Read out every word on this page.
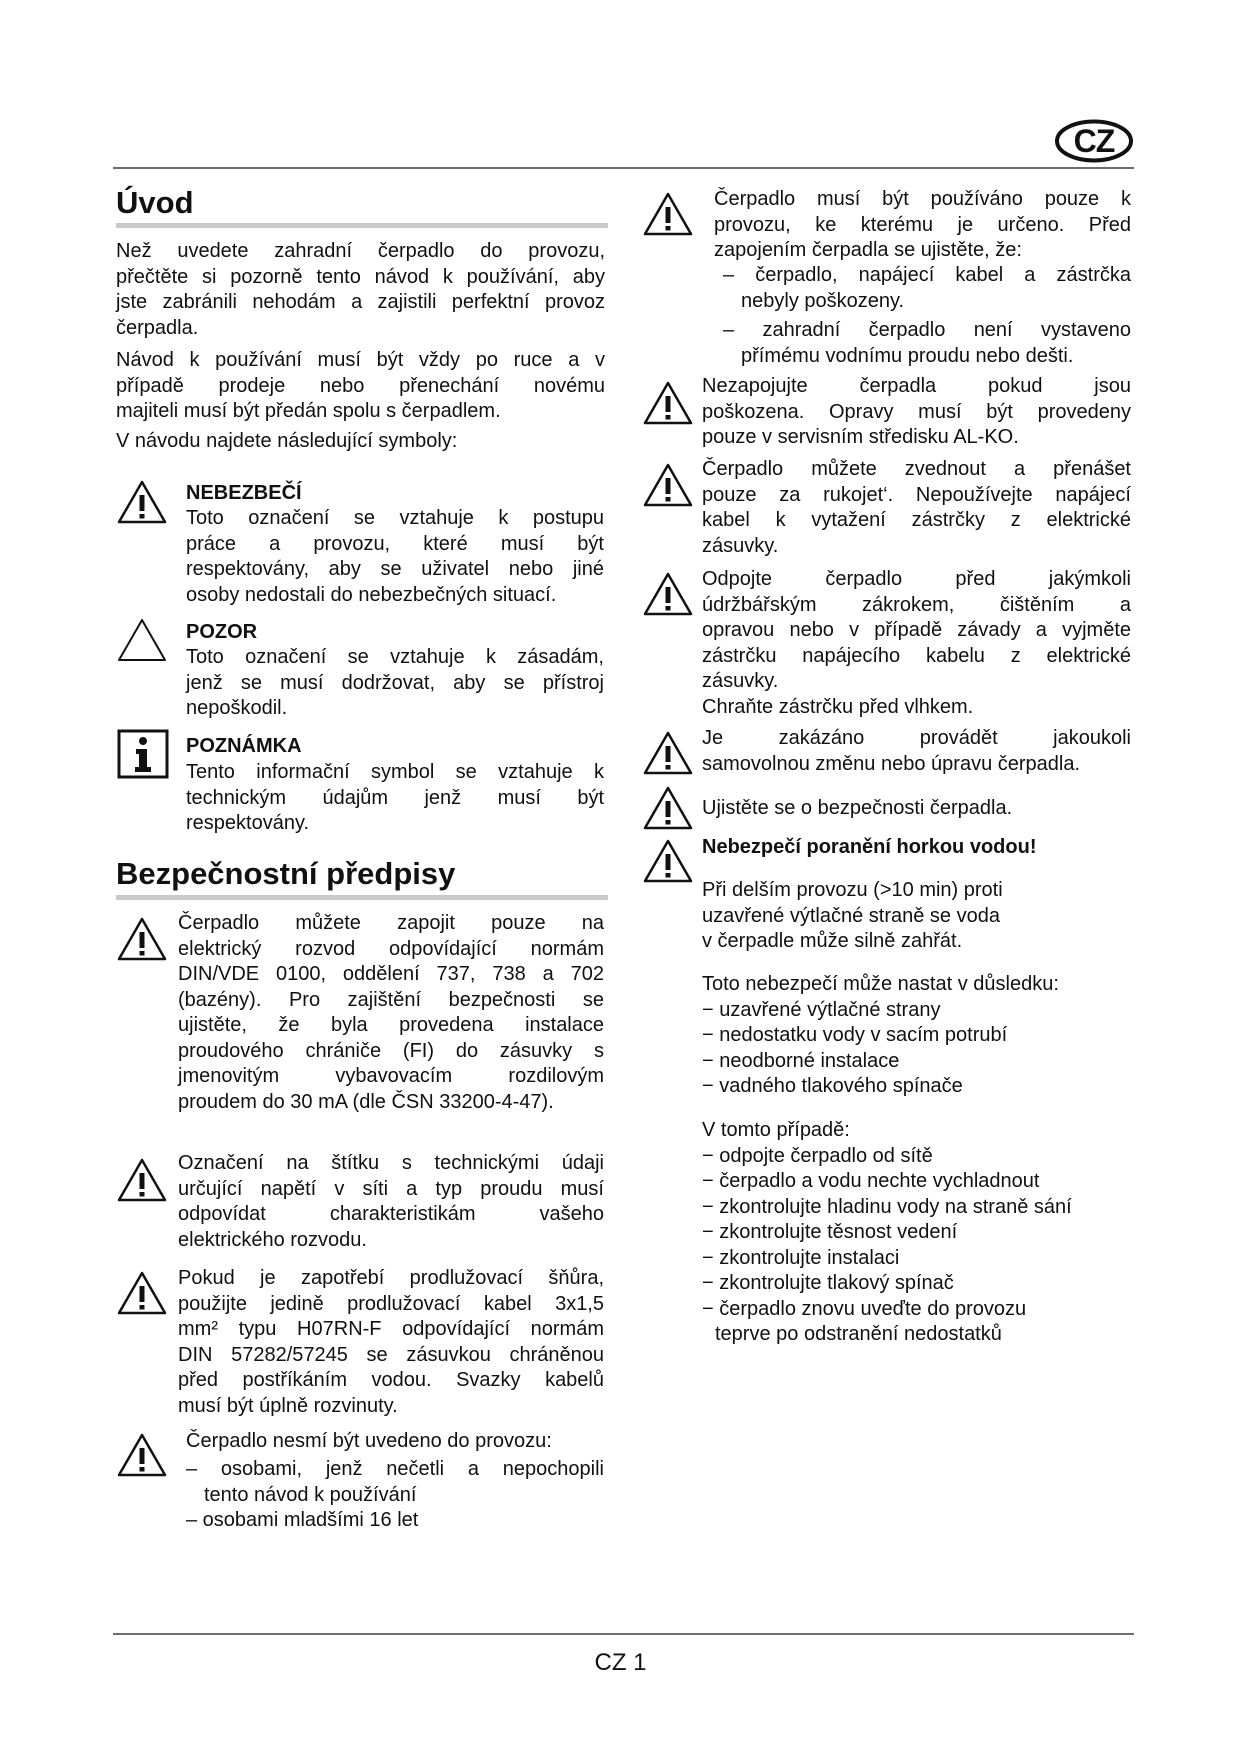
CZ
Úvod
Než uvedete zahradní čerpadlo do provozu,
přečtěte si pozorně tento návod k používání, aby
jste zabránili nehodám a zajistili perfektní provoz
čerpadla.
Návod k používání musí být vždy po ruce a v
případě prodeje nebo přenechání novému
majiteli musí být předán spolu s čerpadlem.
V návodu najdete následující symboly:
NEBEZBEČÍ
Toto označení se vztahuje k postupu
práce a provozu, které musí být
respektovány, aby se uživatel nebo jiné
osoby nedostali do nebezbečných situací.
POZOR
Toto označení se vztahuje k zásadám,
jenž se musí dodržovat, aby se přístroj
nepoškodil.
POZNÁMKA
Tento informační symbol se vztahuje k
technickým údajům jenž musí být
respektovány.
Bezpečnostní předpisy
Čerpadlo můžete zapojit pouze na
elektrický rozvod odpovídající normám
DIN/VDE 0100, oddělení 737, 738 a 702
(bazény). Pro zajištění bezpečnosti se
ujistěte, že byla provedena instalace
proudového chrániče (FI) do zásuvky s
jmenovitým vybavovacím rozdilovým
proudem do 30 mA (dle ČSN 33200-4-47).
Označení na štítku s technickými údaji
určující napětí v síti a typ proudu musí
odpovídat charakteristikám vašeho
elektrického rozvodu.
Pokud je zapotřebí prodlužovací šňůra,
použijte jedině prodlužovací kabel 3x1,5
mm² typu H07RN-F odpovídající normám
DIN 57282/57245 se zásuvkou chráněnou
před postříkáním vodou. Svazky kabelů
musí být úplně rozvinuty.
Čerpadlo nesmí být uvedeno do provozu:
– osobami, jenž nečetli a nepochopili
tento návod k používání
– osobami mladšími 16 let
Čerpadlo musí být používáno pouze k
provozu, ke kterému je určeno. Před
zapojením čerpadla se ujistěte, že:
– čerpadlo, napájecí kabel a zástrčka
nebyly poškozeny.
– zahradní čerpadlo není vystaveno
přímému vodnímu proudu nebo dešti.
Nezapojujte čerpadla pokud jsou
poškozena. Opravy musí být provedeny
pouze v servisním středisku AL-KO.
Čerpadlo můžete zvednout a přenášet
pouze za rukojet‘. Nepoužívejte napájecí
kabel k vytažení zástrčky z elektrické
zásuvky.
Odpojte čerpadlo před jakýmkoli
údržbářským zákrokem, čištěním a
opravou nebo v případě závady a vyjměte
zástrčku napájecího kabelu z elektrické
zásuvky.
Chraňte zástrčku před vlhkem.
Je zakázáno provádět jakoukoli
samovolnou změnu nebo úpravu čerpadla.
Ujistěte se o bezpečnosti čerpadla.
Nebezpečí poranění horkou vodou!
Při delším provozu (>10 min) proti
uzavřené výtlačné straně se voda
v čerpadle může silně zahřát.
Toto nebezpečí může nastat v důsledku:
− uzavřené výtlačné strany
− nedostatku vody v sacím potrubí
− neodborné instalace
− vadného tlakového spínače
V tomto případě:
− odpojte čerpadlo od sítě
− čerpadlo a vodu nechte vychladnout
− zkontrolujte hladinu vody na straně sání
− zkontrolujte těsnost vedení
− zkontrolujte instalaci
− zkontrolujte tlakový spínač
− čerpadlo znovu uveďte do provozu
teprve po odstranění nedostatků
CZ 1
